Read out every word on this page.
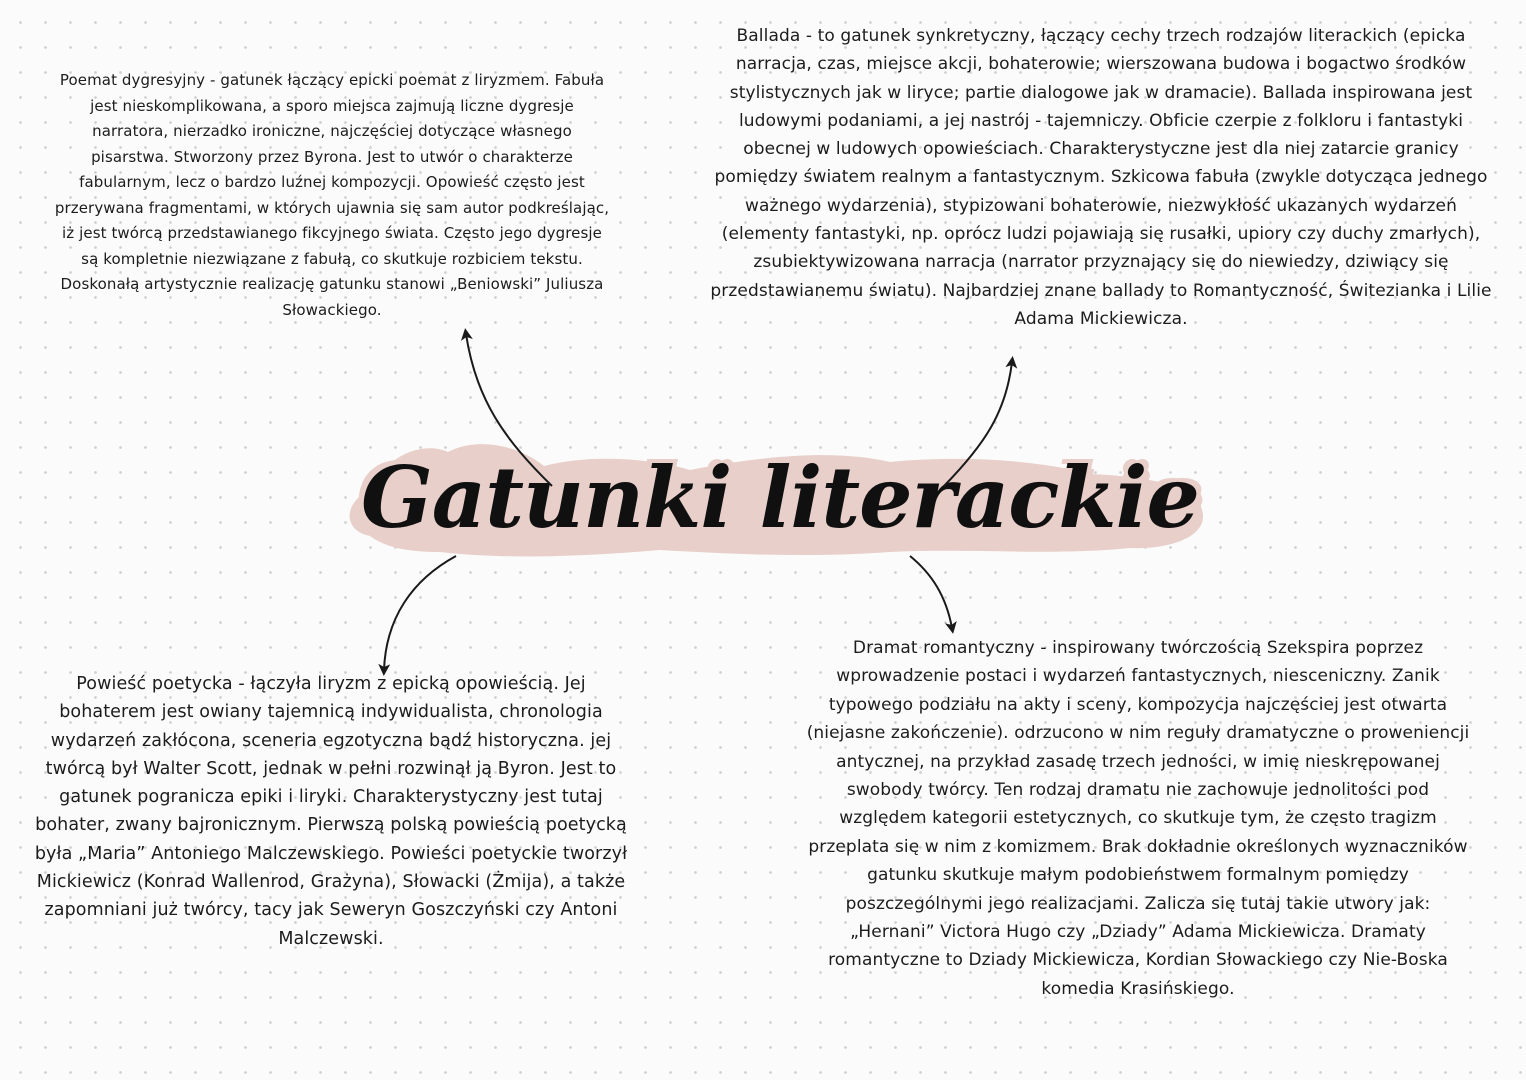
Poemat dygresyjny - gatunek łączący epicki poemat z liryzmem. Fabuła jest nieskomplikowana, a sporo miejsca zajmują liczne dygresje narratora, nierzadko ironiczne, najczęściej dotyczące własnego pisarstwa. Stworzony przez Byrona. Jest to utwór o charakterze fabularnym, lecz o bardzo luźnej kompozycji. Opowieść często jest przerywana fragmentami, w których ujawnia się sam autor podkreślając, iż jest twórcą przedstawianego fikcyjnego świata. Często jego dygresje są kompletnie niezwiązane z fabułą, co skutkuje rozbiciem tekstu. Doskonałą artystycznie realizację gatunku stanowi „Beniowski” Juliusza Słowackiego.

Ballada - to gatunek synkretyczny, łączący cechy trzech rodzajów literackich (epicka narracja, czas, miejsce akcji, bohaterowie; wierszowana budowa i bogactwo środków stylistycznych jak w liryce; partie dialogowe jak w dramacie). Ballada inspirowana jest ludowymi podaniami, a jej nastrój - tajemniczy. Obficie czerpie z folkloru i fantastyki obecnej w ludowych opowieściach. Charakterystyczne jest dla niej zatarcie granicy pomiędzy światem realnym a fantastycznym. Szkicowa fabuła (zwykle dotycząca jednego ważnego wydarzenia), stypizowani bohaterowie, niezwykłość ukazanych wydarzeń (elementy fantastyki, np. oprócz ludzi pojawiają się rusałki, upiory czy duchy zmarłych), zsubiektywizowana narracja (narrator przyznający się do niewiedzy, dziwiący się przedstawianemu światu). Najbardziej znane ballady to Romantyczność, Świtezianka i Lilie Adama Mickiewicza.

Powieść poetycka - łączyła liryzm z epicką opowieścią. Jej bohaterem jest owiany tajemnicą indywidualista, chronologia wydarzeń zakłócona, sceneria egzotyczna bądź historyczna. jej twórcą był Walter Scott, jednak w pełni rozwinął ją Byron. Jest to gatunek pogranicza epiki i liryki. Charakterystyczny jest tutaj bohater, zwany bajronicznym. Pierwszą polską powieścią poetycką była „Maria” Antoniego Malczewskiego. Powieści poetyckie tworzył Mickiewicz (Konrad Wallenrod, Grażyna), Słowacki (Żmija), a także zapomniani już twórcy, tacy jak Seweryn Goszczyński czy Antoni Malczewski.

Dramat romantyczny - inspirowany twórczością Szekspira poprzez wprowadzenie postaci i wydarzeń fantastycznych, niesceniczny. Zanik typowego podziału na akty i sceny, kompozycja najczęściej jest otwarta (niejasne zakończenie). odrzucono w nim reguły dramatyczne o proweniencji antycznej, na przykład zasadę trzech jedności, w imię nieskrępowanej swobody twórcy. Ten rodzaj dramatu nie zachowuje jednolitości pod względem kategorii estetycznych, co skutkuje tym, że często tragizm przeplata się w nim z komizmem. Brak dokładnie określonych wyznaczników gatunku skutkuje małym podobieństwem formalnym pomiędzy poszczególnymi jego realizacjami. Zalicza się tutaj takie utwory jak: „Hernani” Victora Hugo czy „Dziady” Adama Mickiewicza. Dramaty romantyczne to Dziady Mickiewicza, Kordian Słowackiego czy Nie-Boska komedia Krasińskiego.

Gatunki literackie
